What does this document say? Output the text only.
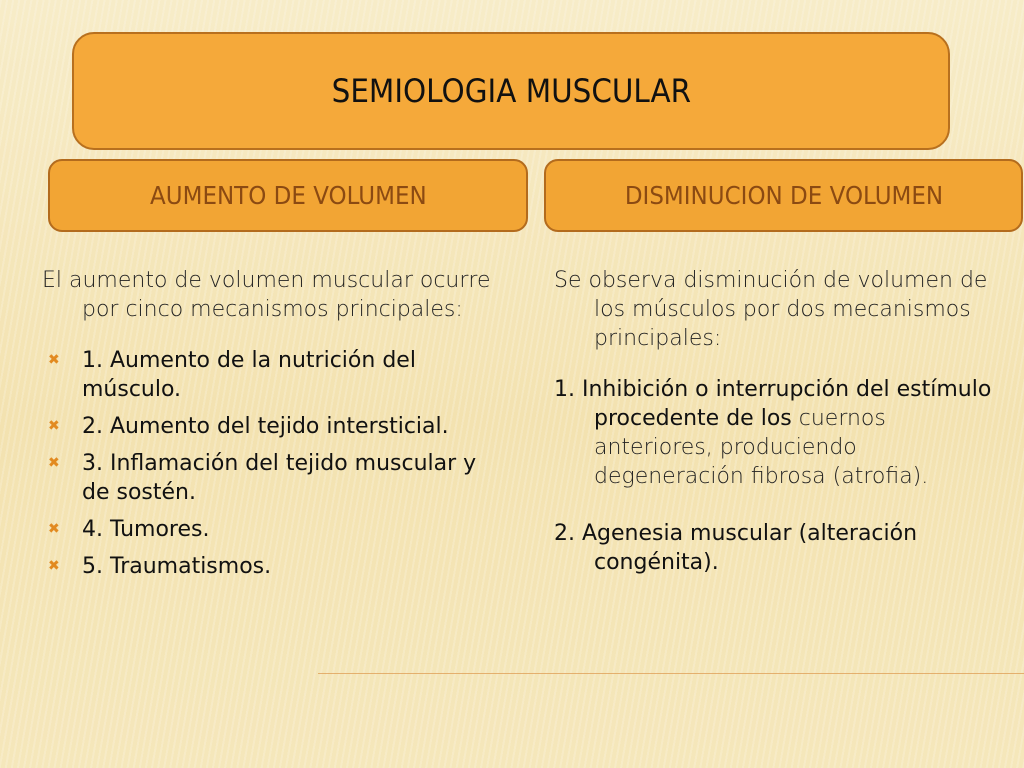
SEMIOLOGIA MUSCULAR
AUMENTO DE VOLUMEN	DISMINUCION DE VOLUMEN

El aumento de volumen muscular ocurre por cinco mecanismos principales:

✖ 1. Aumento de la nutrición del músculo.
✖ 2. Aumento del tejido intersticial.
✖ 3. Inflamación del tejido muscular y de sostén.
✖ 4. Tumores.
✖ 5. Traumatismos.

Se observa disminución de volumen de los músculos por dos mecanismos principales:

1. Inhibición o interrupción del estímulo procedente de los cuernos anteriores, produciendo degeneración fibrosa (atrofia).

2. Agenesia muscular (alteración congénita).
